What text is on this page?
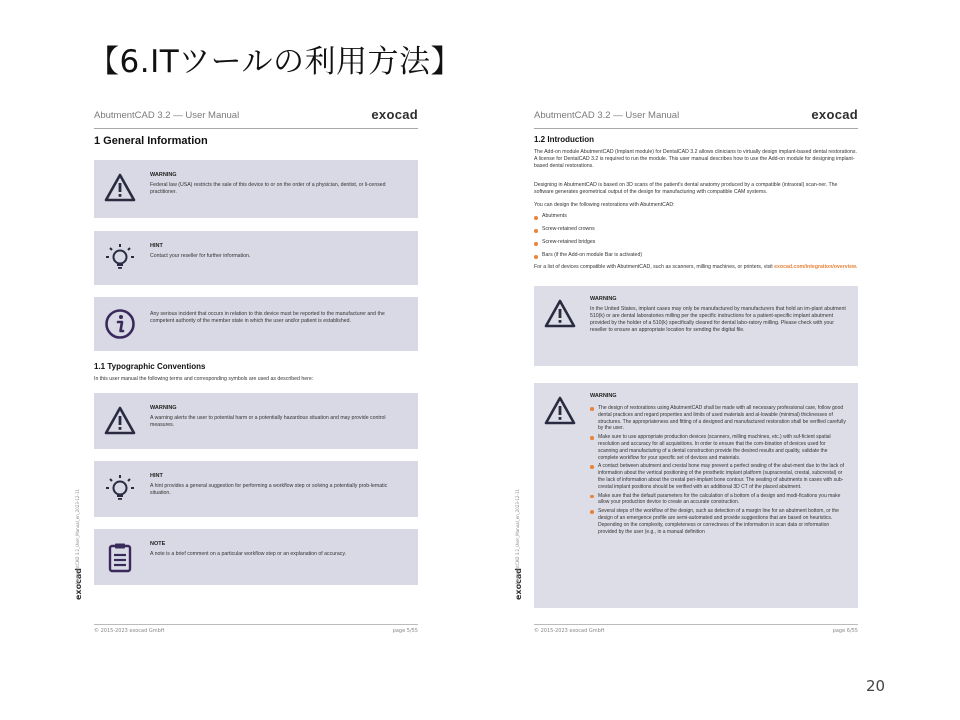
【6.ITツールの利用方法】
AbutmentCAD 3.2 — User Manual	exocad
1 General Information
WARNING
Federal law (USA) restricts the sale of this device to or on the order of a physician, dentist, or li-censed practitioner.
HINT
Contact your reseller for further information.
Any serious incident that occurs in relation to this device must be reported to the manufacturer and the competent authority of the member state in which the user and/or patient is established.
1.1 Typographic Conventions
In this user manual the following terms and corresponding symbols are used as described here:
WARNING
A warning alerts the user to potential harm or a potentially hazardous situation and may provide control measures.
HINT
A hint provides a general suggestion for performing a workflow step or solving a potentially prob-lematic situation.
NOTE
A note is a brief comment on a particular workflow step or an explanation of accuracy.
exocad
AbutmentCAD 3.2_User_Manual_en_2023-12-11
© 2015-2023 exocad GmbH	page 5/55
AbutmentCAD 3.2 — User Manual	exocad
1.2 Introduction
The Add-on module AbutmentCAD (Implant module) for DentalCAD 3.2 allows clinicians to virtually design implant-based dental restorations. A license for DentalCAD 3.2 is required to run the module. This user manual describes how to use the Add-on module for designing implant-based dental restorations.
Designing in AbutmentCAD is based on 3D scans of the patient's dental anatomy produced by a compatible (intraoral) scan-ner. The software generates geometrical output of the design for manufacturing with compatible CAM systems.
You can design the following restorations with AbutmentCAD:
Abutments
Screw-retained crowns
Screw-retained bridges
Bars (if the Add-on module Bar is activated)
For a list of devices compatible with AbutmentCAD, such as scanners, milling machines, or printers, visit exocad.com/integration/overview.
WARNING
In the United States, implant cases may only be manufactured by manufacturers that hold an im-plant abutment 510(k) or are dental laboratories milling per the specific instructions for a patient-specific implant abutment provided by the holder of a 510(k) specifically cleared for dental labo-ratory milling. Please check with your reseller to ensure an appropriate location for sending the digital file.
WARNING
The design of restorations using AbutmentCAD shall be made with all necessary professional care, follow good dental practices and regard properties and limits of used materials and al-lowable (minimal) thicknesses of structures. The appropriateness and fitting of a designed and manufactured restoration shall be verified carefully by the user.
Make sure to use appropriate production devices (scanners, milling machines, etc.) with suf-ficient spatial resolution and accuracy for all acquisitions. In order to ensure that the com-bination of devices used for scanning and manufacturing of a dental construction provide the desired results and quality, validate the complete workflow for your specific set of devices and materials.
A contact between abutment and crestal bone may prevent a perfect seating of the abut-ment due to the lack of information about the vertical positioning of the prosthetic implant platform (supracrestal, crestal, subcrestal) or the lack of information about the crestal peri-implant bone contour. The seating of abutments in cases with sub-crestal implant positions should be verified with an additional 3D CT of the placed abutment.
Make sure that the default parameters for the calculation of a bottom of a design and modi-fications you make allow your production device to create an accurate construction.
Several steps of the workflow of the design, such as detection of a margin line for an abutment bottom, or the design of an emergence profile are semi-automated and provide suggestions that are based on heuristics. Depending on the complexity, completeness or correctness of the information in scan data or information provided by the user (e.g., in a manual definition
exocad
AbutmentCAD 3.2_User_Manual_en_2023-12-11
© 2015-2023 exocad GmbH	page 6/55
20
